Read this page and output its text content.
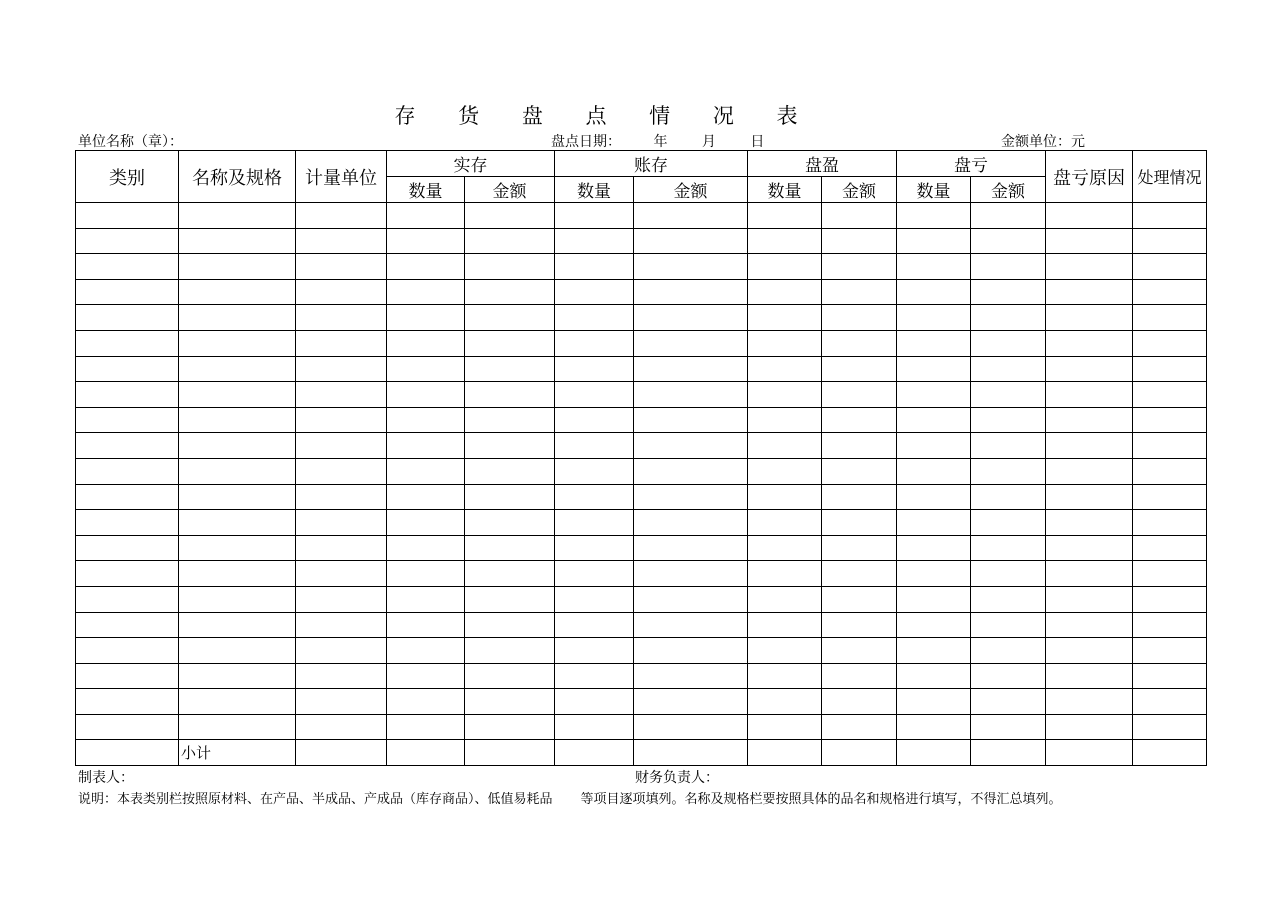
存 货 盘 点 情 况 表
单位名称（章）：	盘点日期： 年 月 日	金额单位：元
类别	名称及规格	计量单位	实存		账存		盘盈		盘亏		盘亏原因	处理情况
			数量	金额	数量	金额	数量	金额	数量	金额		

	小计											
制表人：	财务负责人：
说明：本表类别栏按照原材料、在产品、半成品、产成品（库存商品）、低值易耗品 等项目逐项填列。名称及规格栏要按照具体的品名和规格进行填写，不得汇总填列。
